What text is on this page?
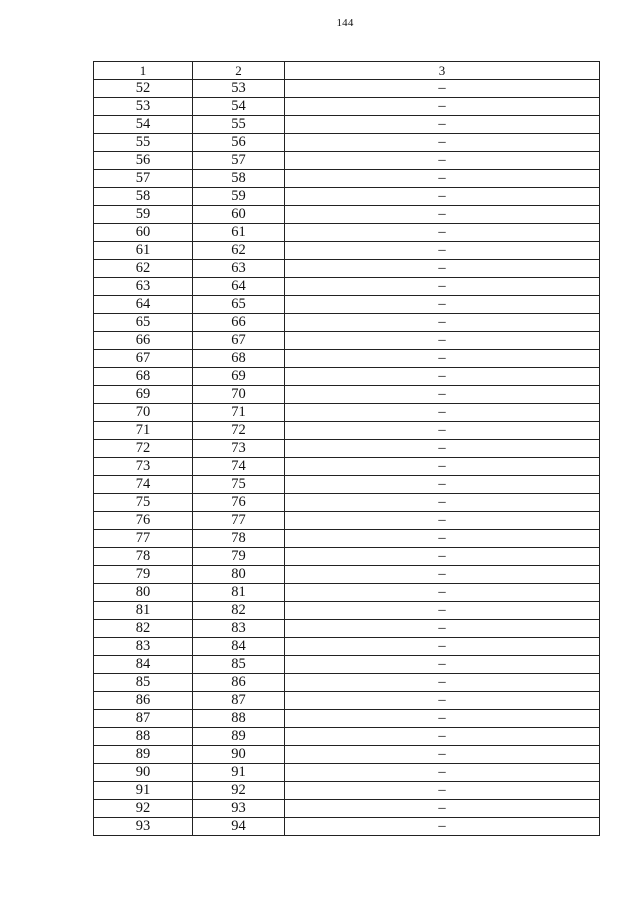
144
1	2	3
52	53	–
53	54	–
54	55	–
55	56	–
56	57	–
57	58	–
58	59	–
59	60	–
60	61	–
61	62	–
62	63	–
63	64	–
64	65	–
65	66	–
66	67	–
67	68	–
68	69	–
69	70	–
70	71	–
71	72	–
72	73	–
73	74	–
74	75	–
75	76	–
76	77	–
77	78	–
78	79	–
79	80	–
80	81	–
81	82	–
82	83	–
83	84	–
84	85	–
85	86	–
86	87	–
87	88	–
88	89	–
89	90	–
90	91	–
91	92	–
92	93	–
93	94	–
